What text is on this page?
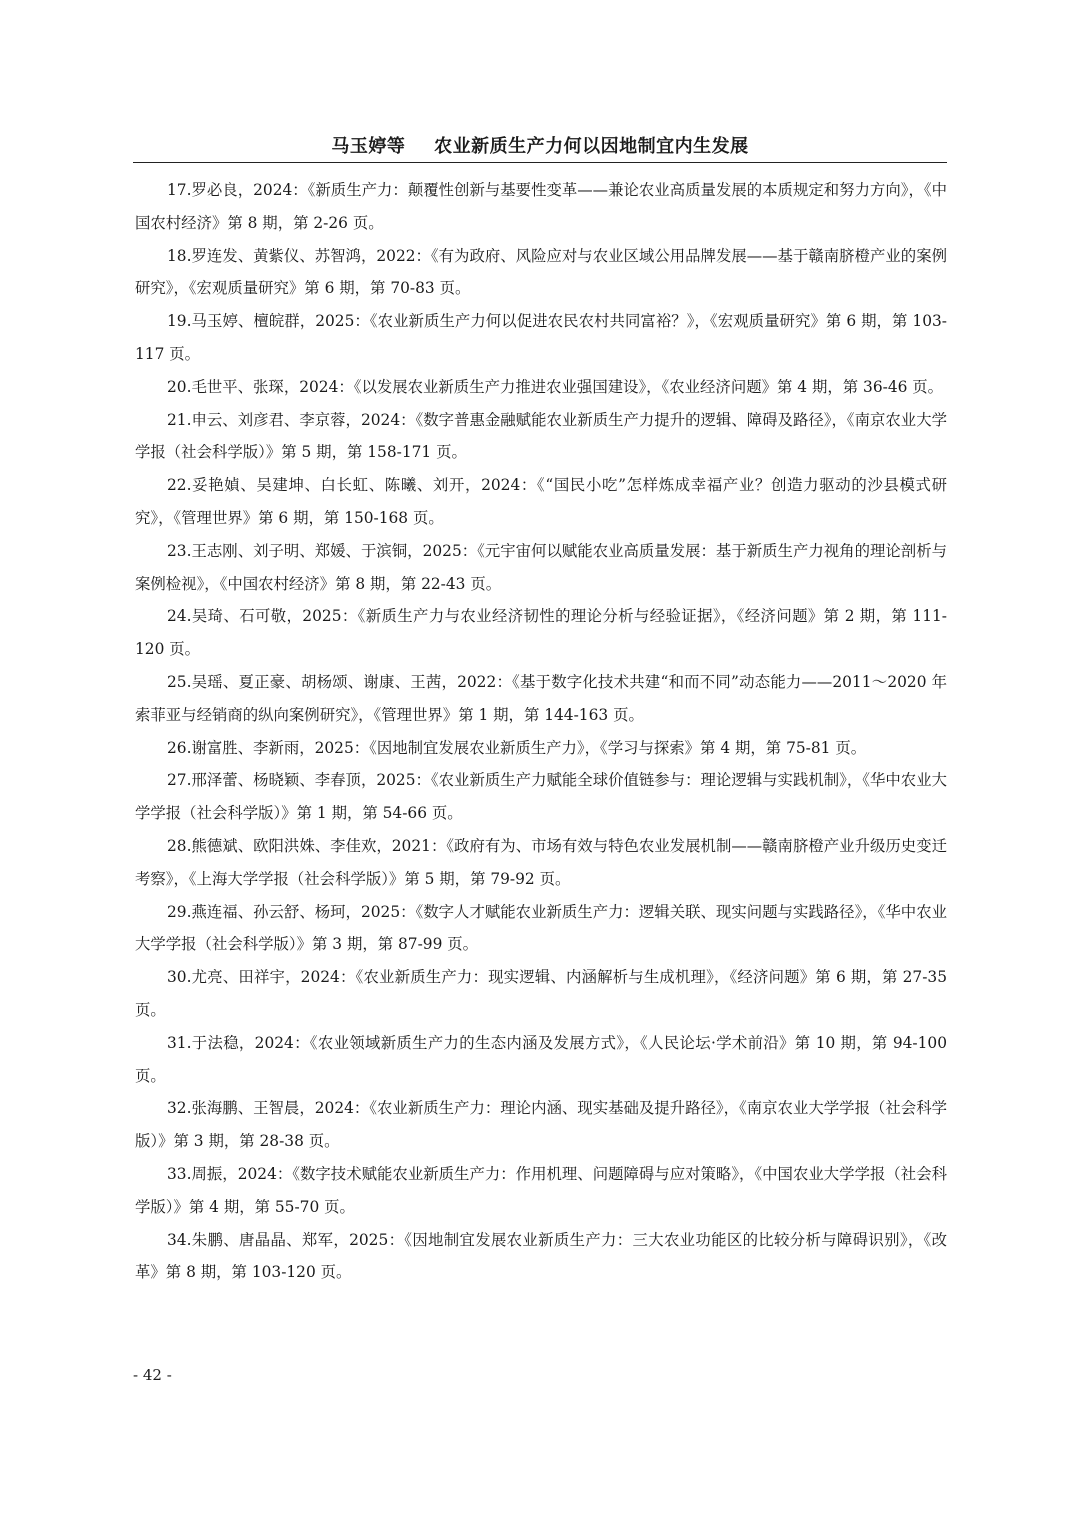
马玉婷等 农业新质生产力何以因地制宜内生发展
17.罗必良，2024：《新质生产力：颠覆性创新与基要性变革——兼论农业高质量发展的本质规定和努力方向》，《中国农村经济》第 8 期，第 2-26 页。
18.罗连发、黄紫仪、苏智鸿，2022：《有为政府、风险应对与农业区域公用品牌发展——基于赣南脐橙产业的案例研究》，《宏观质量研究》第 6 期，第 70-83 页。
19.马玉婷、檀皖群，2025：《农业新质生产力何以促进农民农村共同富裕？》，《宏观质量研究》第 6 期，第 103-117 页。
20.毛世平、张琛，2024：《以发展农业新质生产力推进农业强国建设》，《农业经济问题》第 4 期，第 36-46 页。
21.申云、刘彦君、李京蓉，2024：《数字普惠金融赋能农业新质生产力提升的逻辑、障碍及路径》，《南京农业大学学报（社会科学版）》第 5 期，第 158-171 页。
22.妥艳媜、吴建坤、白长虹、陈曦、刘开，2024：《“国民小吃”怎样炼成幸福产业？创造力驱动的沙县模式研究》，《管理世界》第 6 期，第 150-168 页。
23.王志刚、刘子明、郑媛、于滨铜，2025：《元宇宙何以赋能农业高质量发展：基于新质生产力视角的理论剖析与案例检视》，《中国农村经济》第 8 期，第 22-43 页。
24.吴琦、石可敬，2025：《新质生产力与农业经济韧性的理论分析与经验证据》，《经济问题》第 2 期，第 111-120 页。
25.吴瑶、夏正豪、胡杨颂、谢康、王茜，2022：《基于数字化技术共建“和而不同”动态能力——2011～2020 年索菲亚与经销商的纵向案例研究》，《管理世界》第 1 期，第 144-163 页。
26.谢富胜、李新雨，2025：《因地制宜发展农业新质生产力》，《学习与探索》第 4 期，第 75-81 页。
27.邢泽蕾、杨晓颖、李春顶，2025：《农业新质生产力赋能全球价值链参与：理论逻辑与实践机制》，《华中农业大学学报（社会科学版）》第 1 期，第 54-66 页。
28.熊德斌、欧阳洪姝、李佳欢，2021：《政府有为、市场有效与特色农业发展机制——赣南脐橙产业升级历史变迁考察》，《上海大学学报（社会科学版）》第 5 期，第 79-92 页。
29.燕连福、孙云舒、杨珂，2025：《数字人才赋能农业新质生产力：逻辑关联、现实问题与实践路径》，《华中农业大学学报（社会科学版）》第 3 期，第 87-99 页。
30.尤亮、田祥宇，2024：《农业新质生产力：现实逻辑、内涵解析与生成机理》，《经济问题》第 6 期，第 27-35 页。
31.于法稳，2024：《农业领域新质生产力的生态内涵及发展方式》，《人民论坛·学术前沿》第 10 期，第 94-100 页。
32.张海鹏、王智晨，2024：《农业新质生产力：理论内涵、现实基础及提升路径》，《南京农业大学学报（社会科学版）》第 3 期，第 28-38 页。
33.周振，2024：《数字技术赋能农业新质生产力：作用机理、问题障碍与应对策略》，《中国农业大学学报（社会科学版）》第 4 期，第 55-70 页。
34.朱鹏、唐晶晶、郑军，2025：《因地制宜发展农业新质生产力：三大农业功能区的比较分析与障碍识别》，《改革》第 8 期，第 103-120 页。
- 42 -
